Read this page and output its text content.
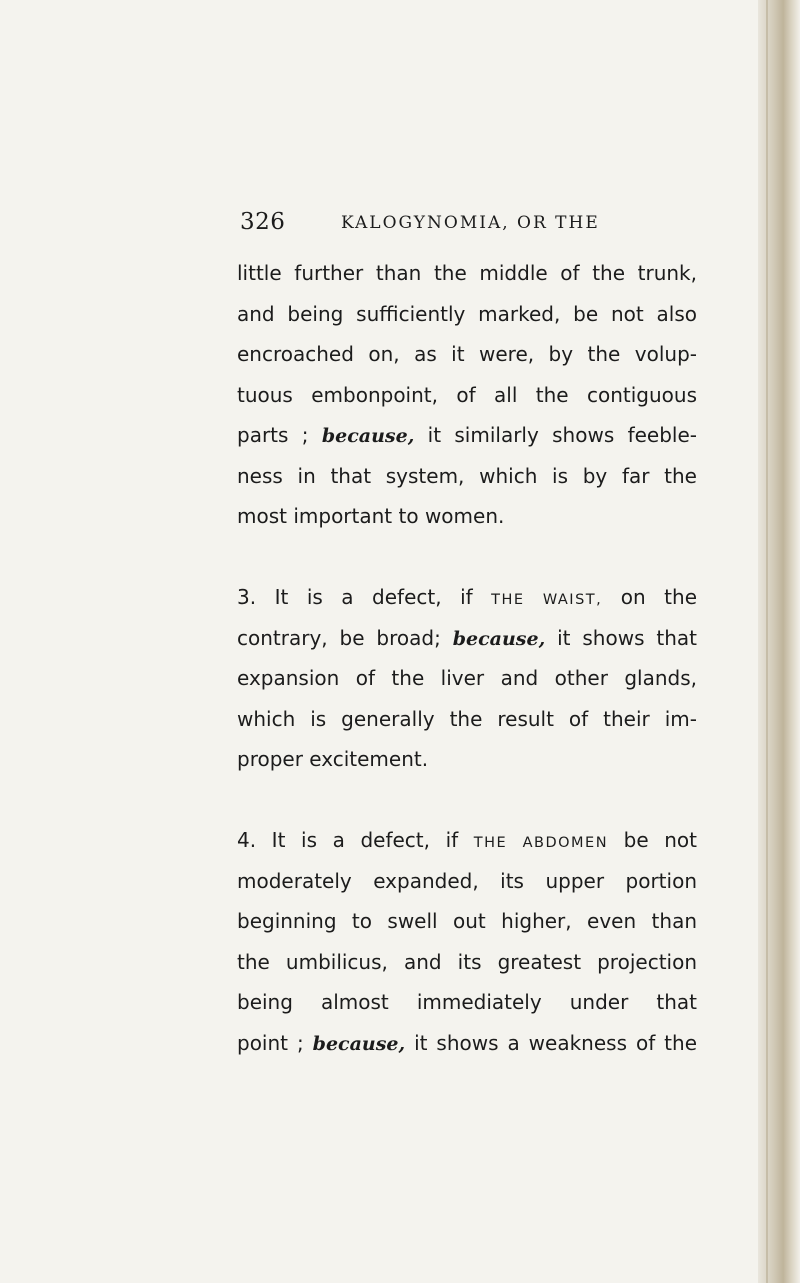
326	KALOGYNOMIA, OR THE
little further than the middle of the trunk,
and being sufficiently marked, be not also
encroached on, as it were, by the volup-
tuous embonpoint, of all the contiguous
parts ; because, it similarly shows feeble-
ness in that system, which is by far the
most important to women.
3. It is a defect, if THE WAIST, on the
contrary, be broad; because, it shows that
expansion of the liver and other glands,
which is generally the result of their im-
proper excitement.
4. It is a defect, if THE ABDOMEN be not
moderately expanded, its upper portion
beginning to swell out higher, even than
the umbilicus, and its greatest projection
being almost immediately under that
point ; because, it shows a weakness of the
